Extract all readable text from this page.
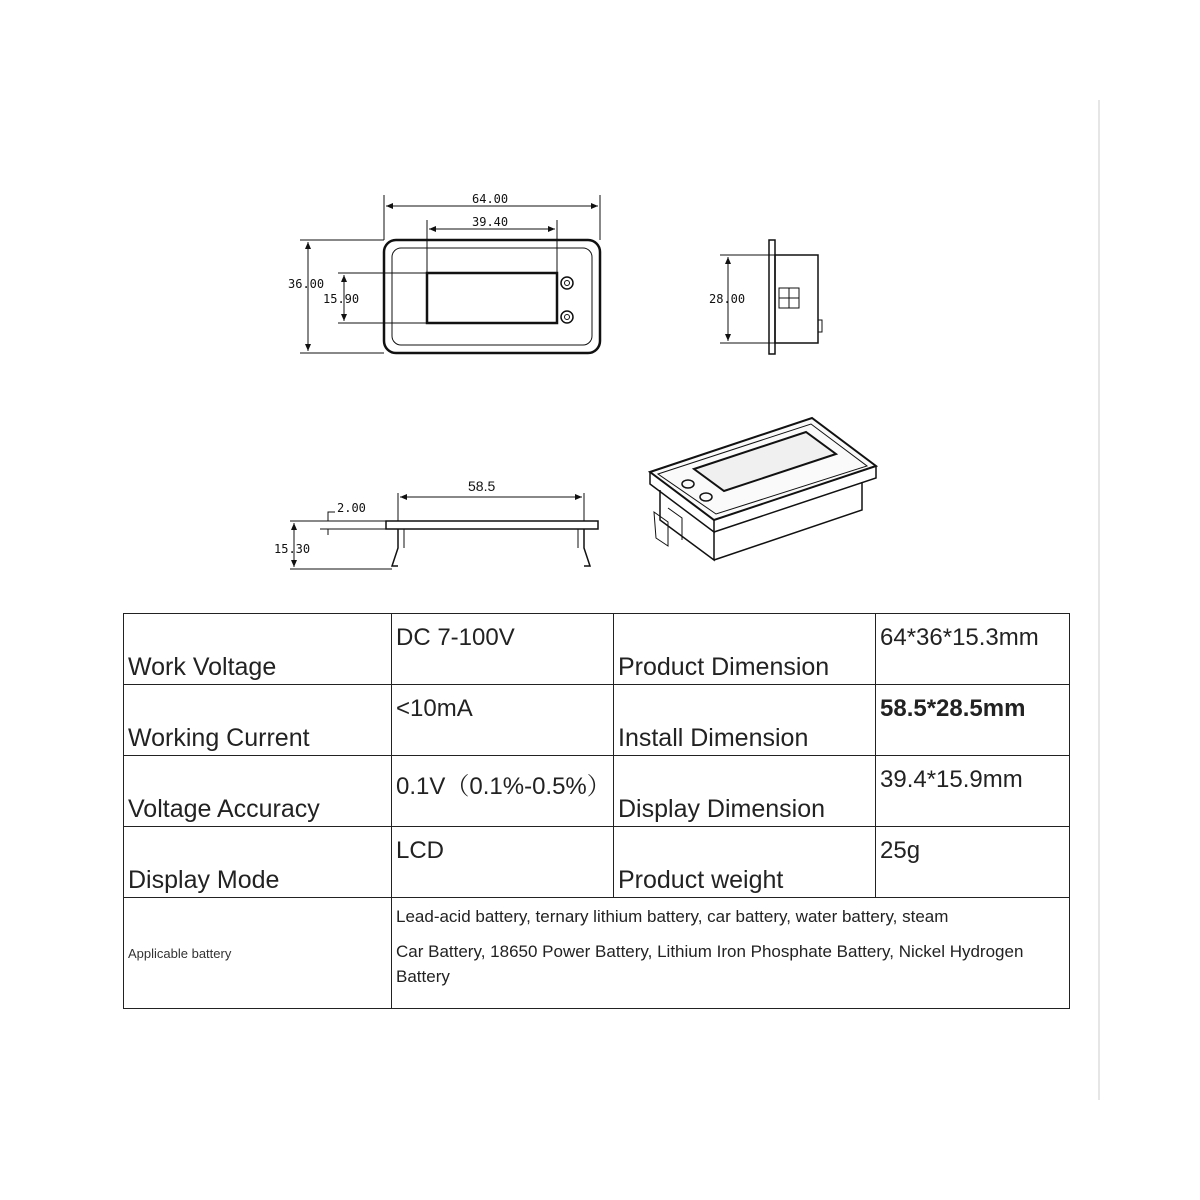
64.00
39.40
36.00
15.90	28.00
58.5
2.00
15.30
Work Voltage	DC 7-100V	Product Dimension	64*36*15.3mm
Working Current	<10mA	Install Dimension	58.5*28.5mm
Voltage Accuracy	0.1V（0.1%-0.5%）	Display Dimension	39.4*15.9mm
Display Mode	LCD	Product weight	25g
Applicable battery	Lead-acid battery, ternary lithium battery, car battery, water battery, steam
Car Battery, 18650 Power Battery, Lithium Iron Phosphate Battery, Nickel Hydrogen Battery		
